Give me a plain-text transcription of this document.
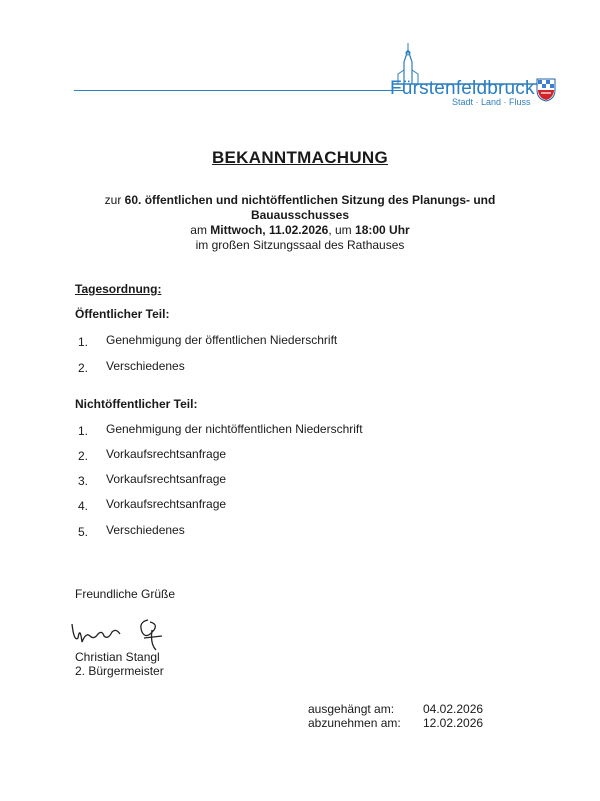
Fürstenfeldbruck
Stadt · Land · Fluss
BEKANNTMACHUNG
zur 60. öffentlichen und nichtöffentlichen Sitzung des Planungs- und Bauausschusses
am Mittwoch, 11.02.2026, um 18:00 Uhr
im großen Sitzungssaal des Rathauses
Tagesordnung:
Öffentlicher Teil:
1. Genehmigung der öffentlichen Niederschrift
2. Verschiedenes
Nichtöffentlicher Teil:
1. Genehmigung der nichtöffentlichen Niederschrift
2. Vorkaufsrechtsanfrage
3. Vorkaufsrechtsanfrage
4. Vorkaufsrechtsanfrage
5. Verschiedenes
Freundliche Grüße
Christian Stangl
2. Bürgermeister
ausgehängt am: 04.02.2026
abzunehmen am: 12.02.2026
